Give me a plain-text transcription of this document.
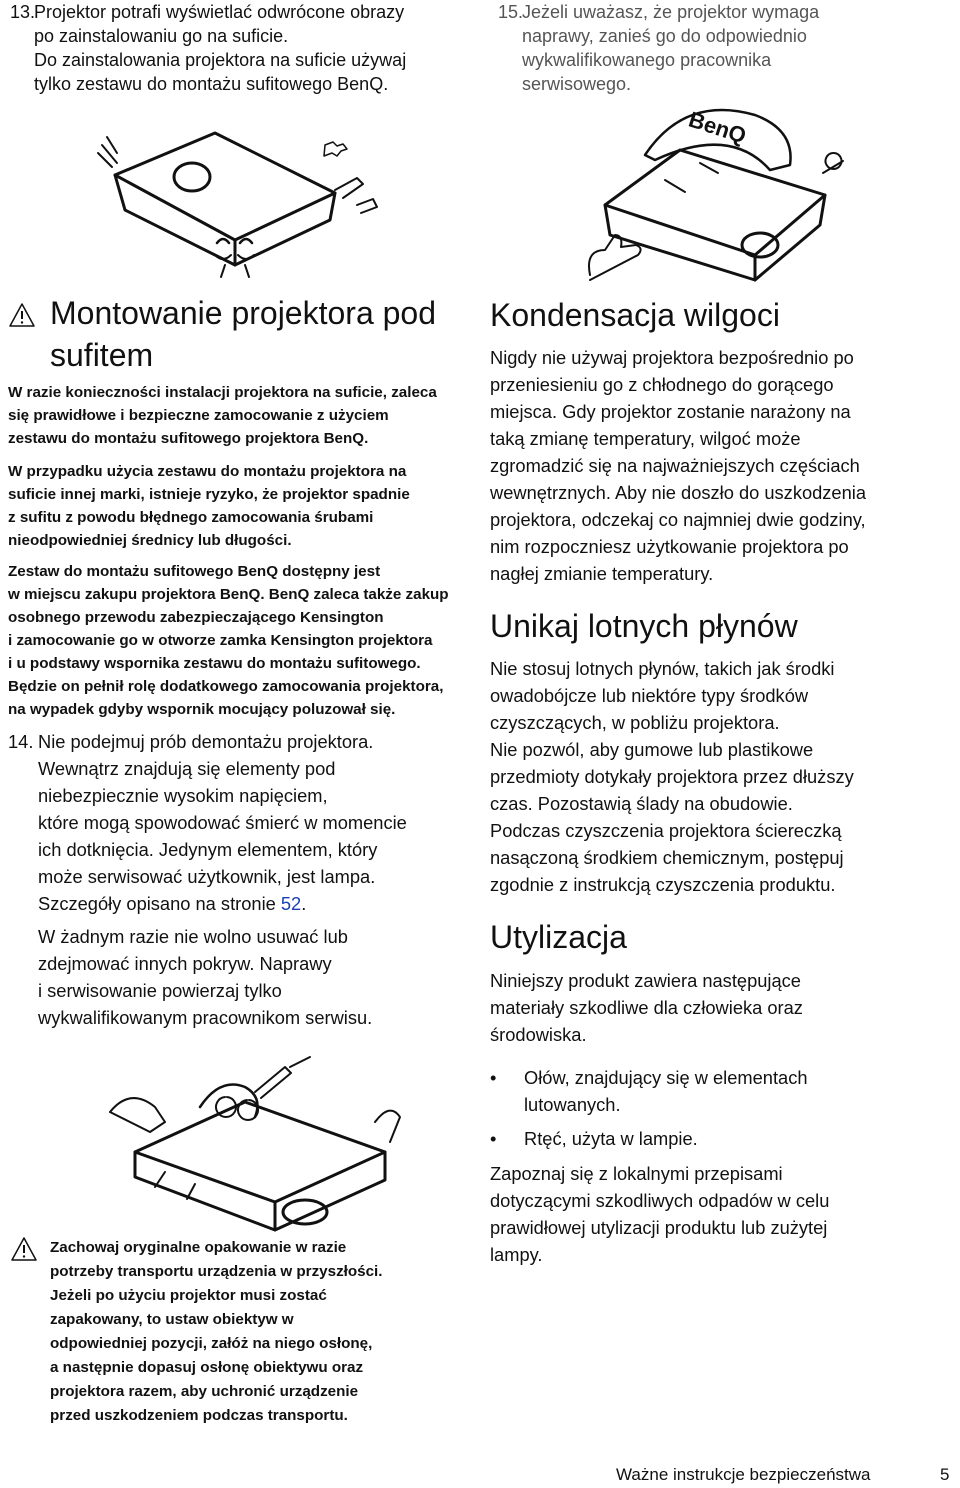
13.
Projektor potrafi wyświetlać odwrócone obrazy
po zainstalowaniu go na suficie.
Do zainstalowania projektora na suficie używaj
tylko zestawu do montażu sufitowego BenQ.
15.
Jeżeli uważasz, że projektor wymaga
naprawy, zanieś go do odpowiednio
wykwalifikowanego pracownika
serwisowego.
BenQ
Montowanie projektora pod
sufitem
W razie konieczności instalacji projektora na suficie, zaleca
się prawidłowe i bezpieczne zamocowanie z użyciem
zestawu do montażu sufitowego projektora BenQ.
W przypadku użycia zestawu do montażu projektora na
suficie innej marki, istnieje ryzyko, że projektor spadnie
z sufitu z powodu błędnego zamocowania śrubami
nieodpowiedniej średnicy lub długości.
Zestaw do montażu sufitowego BenQ dostępny jest
w miejscu zakupu projektora BenQ. BenQ zaleca także zakup
osobnego przewodu zabezpieczającego Kensington
i zamocowanie go w otworze zamka Kensington projektora
i u podstawy wspornika zestawu do montażu sufitowego.
Będzie on pełnił rolę dodatkowego zamocowania projektora,
na wypadek gdyby wspornik mocujący poluzował się.
14. Nie podejmuj prób demontażu projektora.
Wewnątrz znajdują się elementy pod
niebezpiecznie wysokim napięciem,
które mogą spowodować śmierć w momencie
ich dotknięcia. Jedynym elementem, który
może serwisować użytkownik, jest lampa.
Szczegóły opisano na stronie 52.
W żadnym razie nie wolno usuwać lub
zdejmować innych pokryw. Naprawy
i serwisowanie powierzaj tylko
wykwalifikowanym pracownikom serwisu.
Zachowaj oryginalne opakowanie w razie
potrzeby transportu urządzenia w przyszłości.
Jeżeli po użyciu projektor musi zostać
zapakowany, to ustaw obiektyw w
odpowiedniej pozycji, załóż na niego osłonę,
a następnie dopasuj osłonę obiektywu oraz
projektora razem, aby uchronić urządzenie
przed uszkodzeniem podczas transportu.
Kondensacja wilgoci
Nigdy nie używaj projektora bezpośrednio po
przeniesieniu go z chłodnego do gorącego
miejsca. Gdy projektor zostanie narażony na
taką zmianę temperatury, wilgoć może
zgromadzić się na najważniejszych częściach
wewnętrznych. Aby nie doszło do uszkodzenia
projektora, odczekaj co najmniej dwie godziny,
nim rozpoczniesz użytkowanie projektora po
nagłej zmianie temperatury.
Unikaj lotnych płynów
Nie stosuj lotnych płynów, takich jak środki
owadobójcze lub niektóre typy środków
czyszczących, w pobliżu projektora.
Nie pozwól, aby gumowe lub plastikowe
przedmioty dotykały projektora przez dłuższy
czas. Pozostawią ślady na obudowie.
Podczas czyszczenia projektora ściereczką
nasączoną środkiem chemicznym, postępuj
zgodnie z instrukcją czyszczenia produktu.
Utylizacja
Niniejszy produkt zawiera następujące
materiały szkodliwe dla człowieka oraz
środowiska.
• Ołów, znajdujący się w elementach
lutowanych.
• Rtęć, użyta w lampie.
Zapoznaj się z lokalnymi przepisami
dotyczącymi szkodliwych odpadów w celu
prawidłowej utylizacji produktu lub zużytej
lampy.
Ważne instrukcje bezpieczeństwa	5
